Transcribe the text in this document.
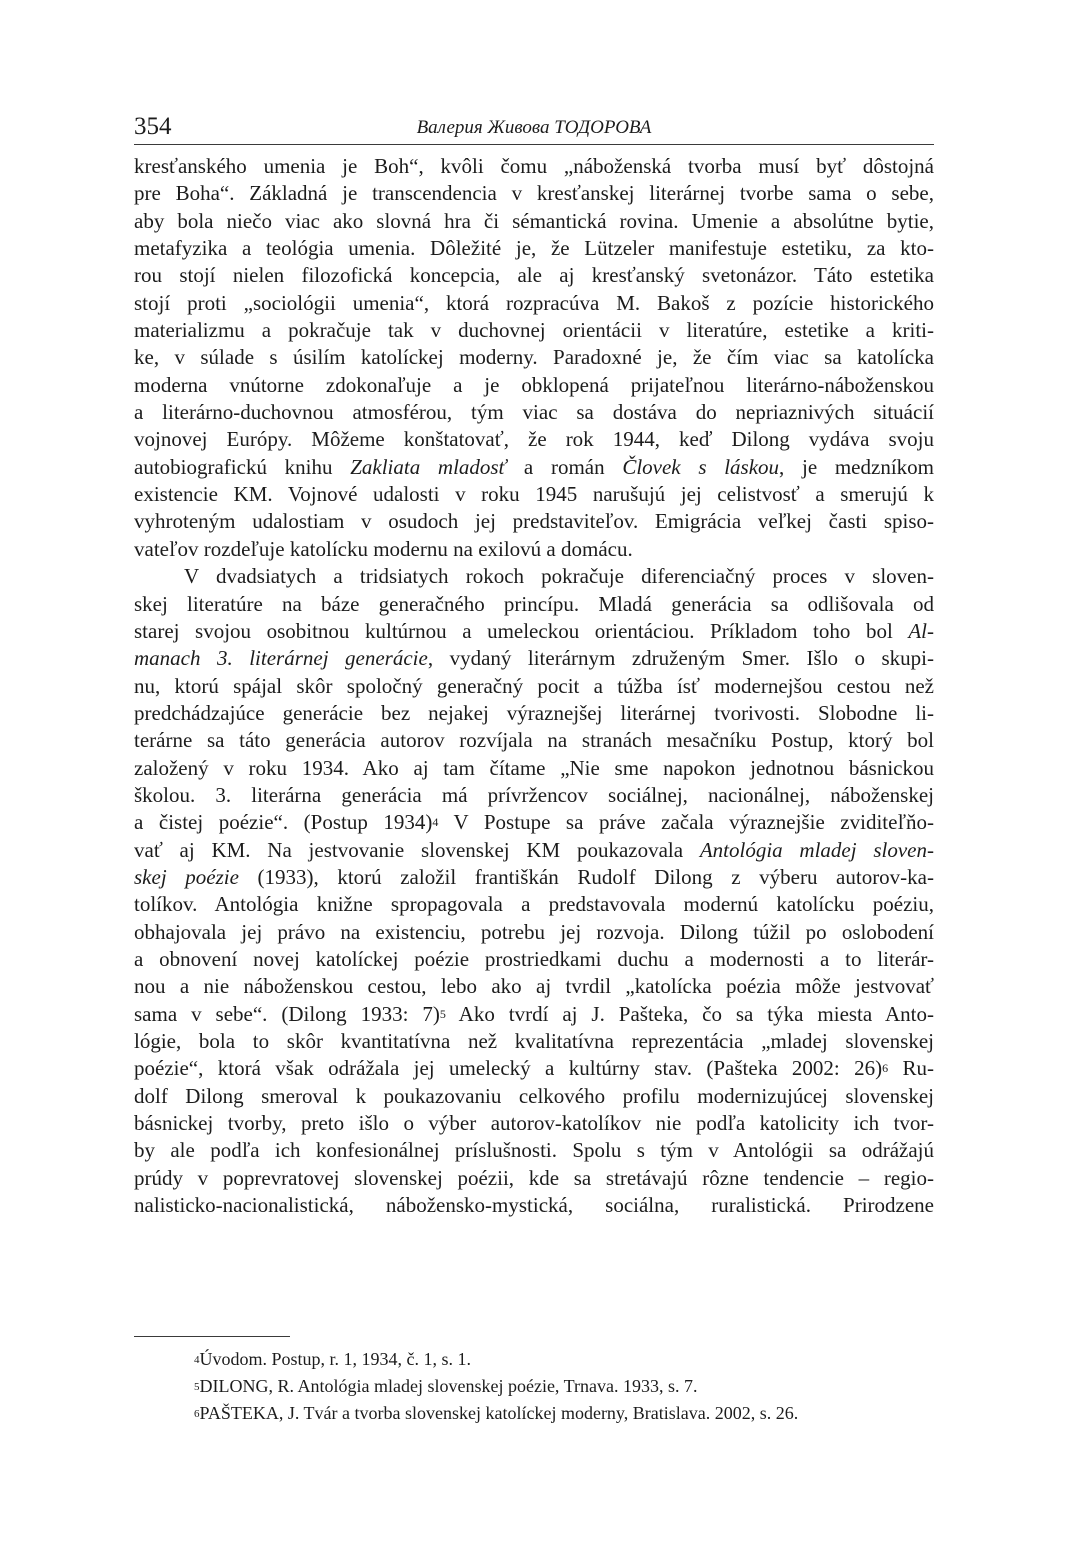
354	Валерия Живова ТОДОРОВА
kresťanského umenia je Boh“, kvôli čomu „náboženská tvorba musí byť dôstojná
pre Boha“. Základná je transcendencia v kresťanskej literárnej tvorbe sama o sebe,
aby bola niečo viac ako slovná hra či sémantická rovina. Umenie a absolútne bytie,
metafyzika a teológia umenia. Dôležité je, že Lützeler manifestuje estetiku, za kto-
rou stojí nielen filozofická koncepcia, ale aj kresťanský svetonázor. Táto estetika
stojí proti „sociológii umenia“, ktorá rozpracúva M. Bakoš z pozície historického
materializmu a pokračuje tak v duchovnej orientácii v literatúre, estetike a kriti-
ke, v súlade s úsilím katolíckej moderny. Paradoxné je, že čím viac sa katolícka
moderna vnútorne zdokonaľuje a je obklopená prijateľnou literárno-náboženskou
a literárno-duchovnou atmosférou, tým viac sa dostáva do nepriaznivých situácií
vojnovej Európy. Môžeme konštatovať, že rok 1944, keď Dilong vydáva svoju
autobiografickú knihu Zakliata mladosť a román Človek s láskou, je medzníkom
existencie KM. Vojnové udalosti v roku 1945 narušujú jej celistvosť a smerujú k
vyhroteným udalostiam v osudoch jej predstaviteľov. Emigrácia veľkej časti spiso-
vateľov rozdeľuje katolícku modernu na exilovú a domácu.
V dvadsiatych a tridsiatych rokoch pokračuje diferenciačný proces v sloven-
skej literatúre na báze generačného princípu. Mladá generácia sa odlišovala od
starej svojou osobitnou kultúrnou a umeleckou orientáciou. Príkladom toho bol Al-
manach 3. literárnej generácie, vydaný literárnym združeným Smer. Išlo o skupi-
nu, ktorú spájal skôr spoločný generačný pocit a túžba ísť modernejšou cestou než
predchádzajúce generácie bez nejakej výraznejšej literárnej tvorivosti. Slobodne li-
terárne sa táto generácia autorov rozvíjala na stranách mesačníku Postup, ktorý bol
založený v roku 1934. Ako aj tam čítame „Nie sme napokon jednotnou básnickou
školou. 3. literárna generácia má prívržencov sociálnej, nacionálnej, náboženskej
a čistej poézie“. (Postup 1934)$^4$ V Postupe sa práve začala výraznejšie zviditeľňo-
vať aj KM. Na jestvovanie slovenskej KM poukazovala Antológia mladej sloven-
skej poézie (1933), ktorú založil františkán Rudolf Dilong z výberu autorov-ka-
tolíkov. Antológia knižne spropagovala a predstavovala modernú katolícku poéziu,
obhajovala jej právo na existenciu, potrebu jej rozvoja. Dilong túžil po oslobodení
a obnovení novej katolíckej poézie prostriedkami duchu a modernosti a to literár-
nou a nie náboženskou cestou, lebo ako aj tvrdil „katolícka poézia môže jestvovať
sama v sebe“. (Dilong 1933: 7)$^5$ Ako tvrdí aj J. Pašteka, čo sa týka miesta Anto-
lógie, bola to skôr kvantitatívna než kvalitatívna reprezentácia „mladej slovenskej
poézie“, ktorá však odrážala jej umelecký a kultúrny stav. (Pašteka 2002: 26)$^6$ Ru-
dolf Dilong smeroval k poukazovaniu celkového profilu modernizujúcej slovenskej
básnickej tvorby, preto išlo o výber autorov-katolíkov nie podľa katolicity ich tvor-
by ale podľa ich konfesionálnej príslušnosti. Spolu s tým v Antológii sa odrážajú
prúdy v poprevratovej slovenskej poézii, kde sa stretávajú rôzne tendencie – regio-
nalisticko-nacionalistická, nábožensko-mystická, sociálna, ruralistická. Prirodzene
$^4$Úvodom. Postup, r. 1, 1934, č. 1, s. 1.
$^5$DILONG, R. Antológia mladej slovenskej poézie, Trnava. 1933, s. 7.
$^6$PAŠTEKA, J. Tvár a tvorba slovenskej katolíckej moderny, Bratislava. 2002, s. 26.
